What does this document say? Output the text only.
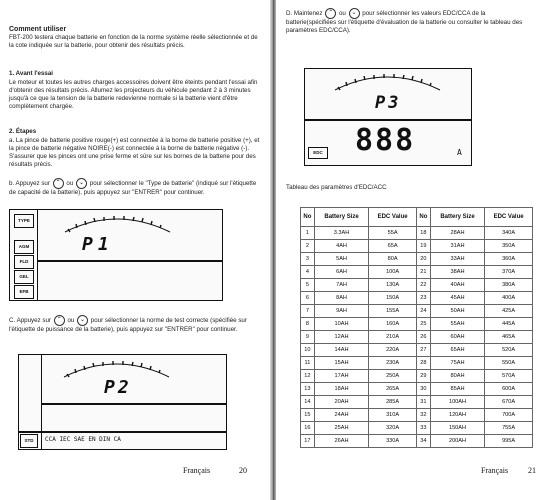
Comment utiliser
FBT-200 testera chaque batterie en fonction de la norme système réelle sélectionnée et de la cote indiquée sur la batterie, pour obtenir des résultats précis.
1. Avant l'essai
Le moteur et toutes les autres charges accessoires doivent être éteints pendant l'essai afin d'obtenir des résultats précis. Allumez les projecteurs du véhicule pendant 2 à 3 minutes jusqu'à ce que la tension de la batterie redevienne normale si la batterie vient d'être complètement chargée.
2. Étapes
a. La pince de batterie positive rouge(+) est connectée à la borne de batterie positive (+), et la pince de batterie négative NOIRE(-) est connectée à la borne de batterie négative (-). S'assurer que les pinces ont une prise ferme et sûre sur les bornes de la batterie pour des résultats précis.
b. Appuyez sur ⌃ ou ⌄ pour sélectionner le "Type de batterie" (indiqué sur l'étiquette de capacité de la batterie), puis appuyez sur "ENTRER" pour continuer.
TYPE
AGM
FLD
GEL
EFB
P1
C. Appuyez sur ⌃ ou ⌄ pour sélectionner la norme de test correcte (spécifiée sur l'étiquette de puissance de la batterie), puis appuyez sur "ENTRER" pour continuer.
P2
STD	CCA IEC SAE EN DIN CA
Français	20
D. Maintenez ⌃ ou ⌄ pour sélectionner les valeurs EDC/CCA de la batterie(spécifiées sur l'étiquette d'évaluation de la batterie ou consulter le tableau des paramètres EDC/CCA).
P3
EDC 888	A
Tableau des paramètres d'EDC/ACC
No	Battery Size	EDC Value	No	Battery Size	EDC Value
1	3.3AH	55A	18	28AH	340A
2	4AH	65A	19	31AH	350A
3	5AH	80A	20	33AH	360A
4	6AH	100A	21	38AH	370A
5	7AH	130A	22	40AH	380A
6	8AH	150A	23	45AH	400A
7	9AH	155A	24	50AH	425A
8	10AH	160A	25	55AH	445A
9	12AH	210A	26	60AH	465A
10	14AH	220A	27	65AH	520A
11	15AH	230A	28	75AH	550A
12	17AH	250A	29	80AH	570A
13	18AH	265A	30	85AH	600A
14	20AH	285A	31	100AH	670A
15	24AH	310A	32	120AH	700A
16	25AH	320A	33	150AH	755A
17	26AH	330A	34	200AH	995A
Français 21
